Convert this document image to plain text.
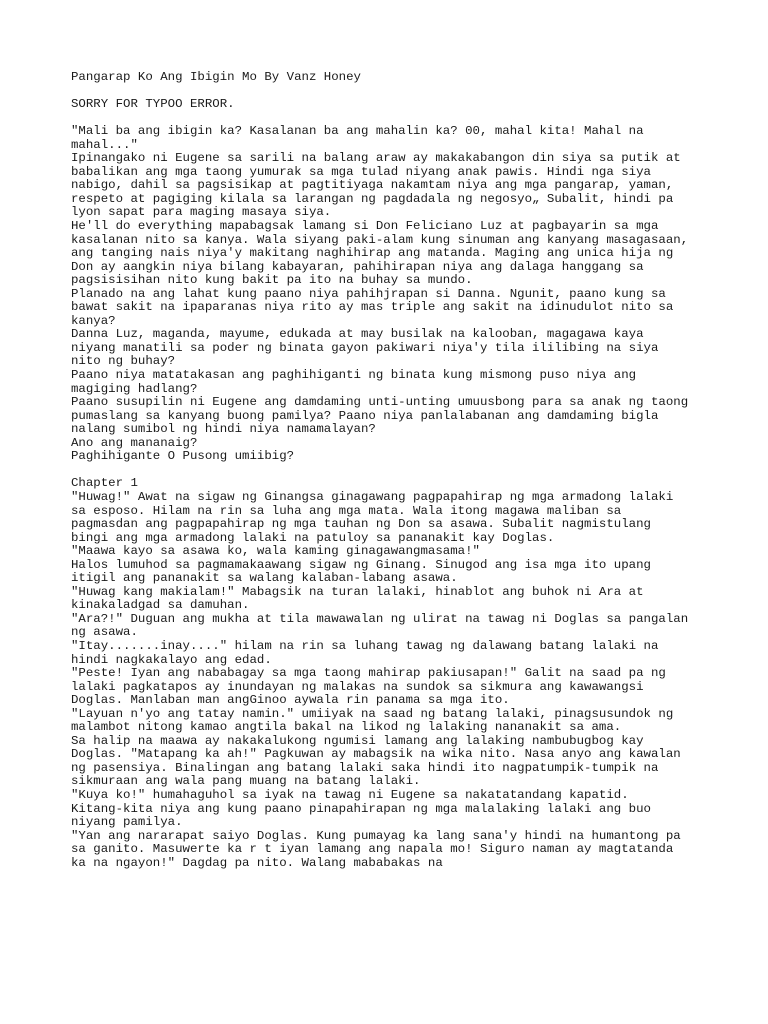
Pangarap Ko Ang Ibigin Mo By Vanz Honey
SORRY FOR TYPOO ERROR.
"Mali ba ang ibigin ka? Kasalanan ba ang mahalin ka? 00, mahal kita! Mahal na
mahal..."
Ipinangako ni Eugene sa sarili na balang araw ay makakabangon din siya sa putik at
babalikan ang mga taong yumurak sa mga tulad niyang anak pawis. Hindi nga siya
nabigo, dahil sa pagsisikap at pagtitiyaga nakamtam niya ang mga pangarap, yaman,
respeto at pagiging kilala sa larangan ng pagdadala ng negosyo„ Subalit, hindi pa
lyon sapat para maging masaya siya.
He'll do everything mapabagsak lamang si Don Feliciano Luz at pagbayarin sa mga
kasalanan nito sa kanya. Wala siyang paki-alam kung sinuman ang kanyang masagasaan,
ang tanging nais niya'y makitang naghihirap ang matanda. Maging ang unica hija ng
Don ay aangkin niya bilang kabayaran, pahihirapan niya ang dalaga hanggang sa
pagsisisihan nito kung bakit pa ito na buhay sa mundo.
Planado na ang lahat kung paano niya pahihjrapan si Danna. Ngunit, paano kung sa
bawat sakit na ipaparanas niya rito ay mas triple ang sakit na idinudulot nito sa
kanya?
Danna Luz, maganda, mayume, edukada at may busilak na kalooban, magagawa kaya
niyang manatili sa poder ng binata gayon pakiwari niya'y tila ililibing na siya
nito ng buhay?
Paano niya matatakasan ang paghihiganti ng binata kung mismong puso niya ang
magiging hadlang?
Paano susupilin ni Eugene ang damdaming unti-unting umuusbong para sa anak ng taong
pumaslang sa kanyang buong pamilya? Paano niya panlalabanan ang damdaming bigla
nalang sumibol ng hindi niya namamalayan?
Ano ang mananaig?
Paghihigante O Pusong umiibig?
Chapter 1
"Huwag!" Awat na sigaw ng Ginangsa ginagawang pagpapahirap ng mga armadong lalaki
sa esposo. Hilam na rin sa luha ang mga mata. Wala itong magawa maliban sa
pagmasdan ang pagpapahirap ng mga tauhan ng Don sa asawa. Subalit nagmistulang
bingi ang mga armadong lalaki na patuloy sa pananakit kay Doglas.
"Maawa kayo sa asawa ko, wala kaming ginagawangmasama!"
Halos lumuhod sa pagmamakaawang sigaw ng Ginang. Sinugod ang isa mga ito upang
itigil ang pananakit sa walang kalaban-labang asawa.
"Huwag kang makialam!" Mabagsik na turan lalaki, hinablot ang buhok ni Ara at
kinakaladgad sa damuhan.
"Ara?!" Duguan ang mukha at tila mawawalan ng ulirat na tawag ni Doglas sa pangalan
ng asawa.
"Itay.......inay...." hilam na rin sa luhang tawag ng dalawang batang lalaki na
hindi nagkakalayo ang edad.
"Peste! Iyan ang nababagay sa mga taong mahirap pakiusapan!" Galit na saad pa ng
lalaki pagkatapos ay inundayan ng malakas na sundok sa sikmura ang kawawangsi
Doglas. Manlaban man angGinoo aywala rin panama sa mga ito.
"Layuan n'yo ang tatay namin." umiiyak na saad ng batang lalaki, pinagsusundok ng
malambot nitong kamao angtila bakal na likod ng lalaking nananakit sa ama.
Sa halip na maawa ay nakakalukong ngumisi lamang ang lalaking nambubugbog kay
Doglas. "Matapang ka ah!" Pagkuwan ay mabagsik na wika nito. Nasa anyo ang kawalan
ng pasensiya. Binalingan ang batang lalaki saka hindi ito nagpatumpik-tumpik na
sikmuraan ang wala pang muang na batang lalaki.
"Kuya ko!" humahaguhol sa iyak na tawag ni Eugene sa nakatatandang kapatid.
Kitang-kita niya ang kung paano pinapahirapan ng mga malalaking lalaki ang buo
niyang pamilya.
"Yan ang nararapat saiyo Doglas. Kung pumayag ka lang sana'y hindi na humantong pa
sa ganito. Masuwerte ka r t iyan lamang ang napala mo! Siguro naman ay magtatanda
ka na ngayon!" Dagdag pa nito. Walang mababakas na
